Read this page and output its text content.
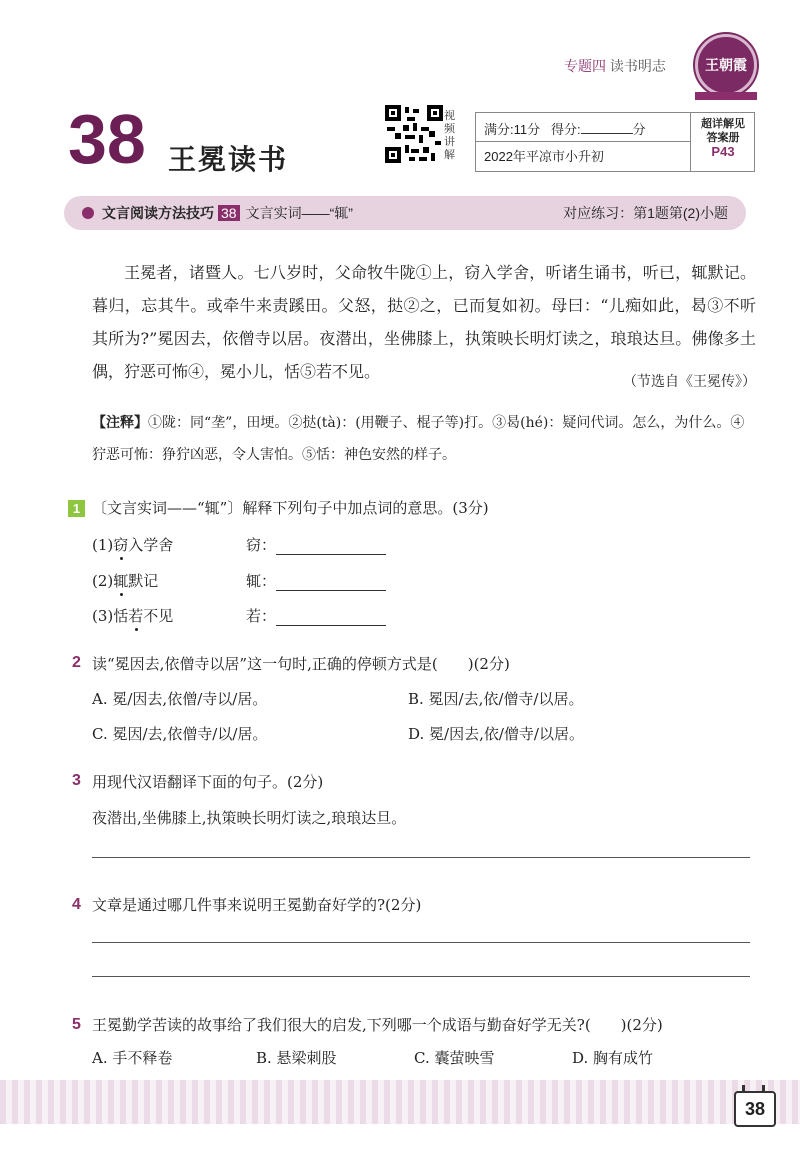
专题四 读书明志	王朝霞
38 王冕读书
视频讲解
满分:11分 得分:	分
2022年平凉市小升初
超详解见
答案册
P43
文言阅读方法技巧 38 文言实词——“辄”	对应练习：第1题第(2)小题
王冕者，诸暨人。七八岁时，父命牧牛陇①上，窃入学舍，听诸生诵书，听已，辄默记。暮归，忘其牛。或牵牛来责蹊田。父怒，挞②之，已而复如初。母曰：“儿痴如此，曷③不听其所为?”冕因去，依僧寺以居。夜潜出，坐佛膝上，执策映长明灯读之，琅琅达旦。佛像多土偶，狞恶可怖④，冕小儿，恬⑤若不见。
（节选自《王冕传》）
【注释】①陇：同“垄”，田埂。②挞(tà)：(用鞭子、棍子等)打。③曷(hé)：疑问代词。怎么，为什么。④狞恶可怖：狰狞凶恶，令人害怕。⑤恬：神色安然的样子。
1 〔文言实词——“辄”〕解释下列句子中加点词的意思。(3分)
(1)窃入学舍	窃：
(2)辄默记	辄：
(3)恬若不见	若：
2 读“冕因去,依僧寺以居”这一句时,正确的停顿方式是(　　)(2分)
A. 冕/因去,依僧/寺以/居。	B. 冕因/去,依/僧寺/以居。
C. 冕因/去,依僧寺/以/居。	D. 冕/因去,依/僧寺/以居。
3 用现代汉语翻译下面的句子。(2分)
夜潜出,坐佛膝上,执策映长明灯读之,琅琅达旦。
4 文章是通过哪几件事来说明王冕勤奋好学的?(2分)
5 王冕勤学苦读的故事给了我们很大的启发,下列哪一个成语与勤奋好学无关?(　　)(2分)
A. 手不释卷	B. 悬梁刺股	C. 囊萤映雪	D. 胸有成竹
38
